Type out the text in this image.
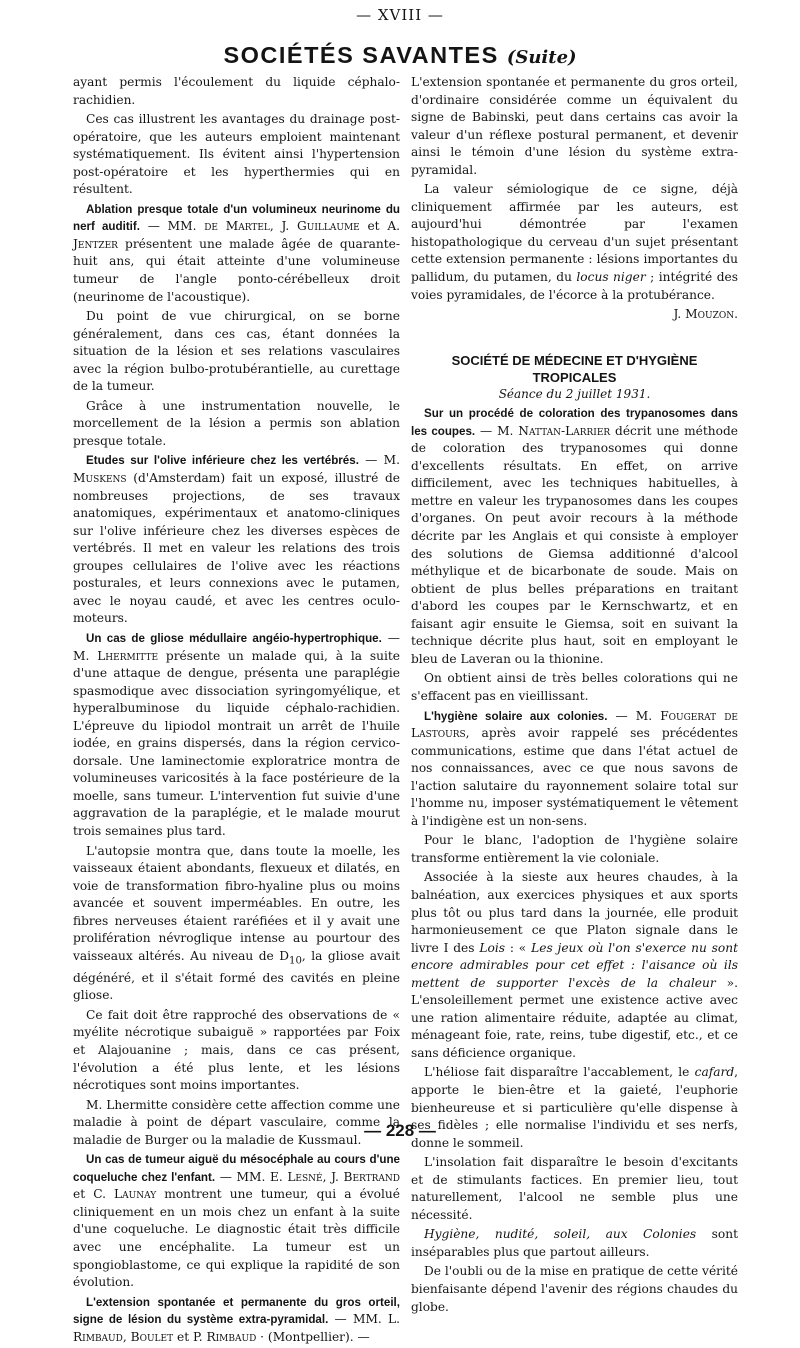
— XVIII —
SOCIÉTÉS SAVANTES (Suite)

ayant permis l'écoulement du liquide céphalo-rachidien.

Ces cas illustrent les avantages du drainage post-opératoire, que les auteurs emploient maintenant systématiquement. Ils évitent ainsi l'hypertension post-opératoire et les hyperthermies qui en résultent.

Ablation presque totale d'un volumineux neurinome du nerf auditif. — MM. de Martel, J. Guillaume et A. Jentzer présentent une malade âgée de quarante-huit ans, qui était atteinte d'une volumineuse tumeur de l'angle ponto-cérébelleux droit (neurinome de l'acoustique).

Du point de vue chirurgical, on se borne généralement, dans ces cas, étant données la situation de la lésion et ses relations vasculaires avec la région bulbo-protubérantielle, au curettage de la tumeur.

Grâce à une instrumentation nouvelle, le morcellement de la lésion a permis son ablation presque totale.

Etudes sur l'olive inférieure chez les vertébrés. — M. Muskens (d'Amsterdam) fait un exposé, illustré de nombreuses projections, de ses travaux anatomiques, expérimentaux et anatomo-cliniques sur l'olive inférieure chez les diverses espèces de vertébrés. Il met en valeur les relations des trois groupes cellulaires de l'olive avec les réactions posturales, et leurs connexions avec le putamen, avec le noyau caudé, et avec les centres oculo-moteurs.

Un cas de gliose médullaire angéio-hypertrophique. — M. Lhermitte présente un malade qui, à la suite d'une attaque de dengue, présenta une paraplégie spasmodique avec dissociation syringomyélique, et hyperalbuminose du liquide céphalo-rachidien. L'épreuve du lipiodol montrait un arrêt de l'huile iodée, en grains dispersés, dans la région cervico-dorsale. Une laminectomie exploratrice montra de volumineuses varicosités à la face postérieure de la moelle, sans tumeur. L'intervention fut suivie d'une aggravation de la paraplégie, et le malade mourut trois semaines plus tard.

L'autopsie montra que, dans toute la moelle, les vaisseaux étaient abondants, flexueux et dilatés, en voie de transformation fibro-hyaline plus ou moins avancée et souvent imperméables. En outre, les fibres nerveuses étaient raréfiées et il y avait une prolifération névroglique intense au pourtour des vaisseaux altérés. Au niveau de $D_{10}$, la gliose avait dégénéré, et il s'était formé des cavités en pleine gliose.

Ce fait doit être rapproché des observations de « myélite nécrotique subaiguë » rapportées par Foix et Alajouanine ; mais, dans ce cas présent, l'évolution a été plus lente, et les lésions nécrotiques sont moins importantes.

M. Lhermitte considère cette affection comme une maladie à point de départ vasculaire, comme la maladie de Burger ou la maladie de Kussmaul.

Un cas de tumeur aiguë du mésocéphale au cours d'une coqueluche chez l'enfant. — MM. E. Lesné, J. Bertrand et C. Launay montrent une tumeur, qui a évolué cliniquement en un mois chez un enfant à la suite d'une coqueluche. Le diagnostic était très difficile avec une encéphalite. La tumeur est un spongioblastome, ce qui explique la rapidité de son évolution.

L'extension spontanée et permanente du gros orteil, signe de lésion du système extra-pyramidal. — MM. L. Rimbaud, Boulet et P. Rimbaud · (Montpellier). —

L'extension spontanée et permanente du gros orteil, d'ordinaire considérée comme un équivalent du signe de Babinski, peut dans certains cas avoir la valeur d'un réflexe postural permanent, et devenir ainsi le témoin d'une lésion du système extra-pyramidal.

La valeur sémiologique de ce signe, déjà cliniquement affirmée par les auteurs, est aujourd'hui démontrée par l'examen histopathologique du cerveau d'un sujet présentant cette extension permanente : lésions importantes du pallidum, du putamen, du locus niger ; intégrité des voies pyramidales, de l'écorce à la protubérance.

J. Mouzon.

SOCIÉTÉ DE MÉDECINE ET D'HYGIÈNE TROPICALES

Séance du 2 juillet 1931.

Sur un procédé de coloration des trypanosomes dans les coupes. — M. Nattan-Larrier décrit une méthode de coloration des trypanosomes qui donne d'excellents résultats. En effet, on arrive difficilement, avec les techniques habituelles, à mettre en valeur les trypanosomes dans les coupes d'organes. On peut avoir recours à la méthode décrite par les Anglais et qui consiste à employer des solutions de Giemsa additionné d'alcool méthylique et de bicarbonate de soude. Mais on obtient de plus belles préparations en traitant d'abord les coupes par le Kernschwartz, et en faisant agir ensuite le Giemsa, soit en suivant la technique décrite plus haut, soit en employant le bleu de Laveran ou la thionine.

On obtient ainsi de très belles colorations qui ne s'effacent pas en vieillissant.

L'hygiène solaire aux colonies. — M. Fougerat de Lastours, après avoir rappelé ses précédentes communications, estime que dans l'état actuel de nos connaissances, avec ce que nous savons de l'action salutaire du rayonnement solaire total sur l'homme nu, imposer systématiquement le vêtement à l'indigène est un non-sens.

Pour le blanc, l'adoption de l'hygiène solaire transforme entièrement la vie coloniale.

Associée à la sieste aux heures chaudes, à la balnéation, aux exercices physiques et aux sports plus tôt ou plus tard dans la journée, elle produit harmonieusement ce que Platon signale dans le livre I des Lois : « Les jeux où l'on s'exerce nu sont encore admirables pour cet effet : l'aisance où ils mettent de supporter l'excès de la chaleur ». L'ensoleillement permet une existence active avec une ration alimentaire réduite, adaptée au climat, ménageant foie, rate, reins, tube digestif, etc., et ce sans déficience organique.

L'héliose fait disparaître l'accablement, le cafard, apporte le bien-être et la gaieté, l'euphorie bienheureuse et si particulière qu'elle dispense à ses fidèles ; elle normalise l'individu et ses nerfs, donne le sommeil.

L'insolation fait disparaître le besoin d'excitants et de stimulants factices. En premier lieu, tout naturellement, l'alcool ne semble plus une nécessité.

Hygiène, nudité, soleil, aux Colonies sont inséparables plus que partout ailleurs.

De l'oubli ou de la mise en pratique de cette vérité bienfaisante dépend l'avenir des régions chaudes du globe.

— 228 —
